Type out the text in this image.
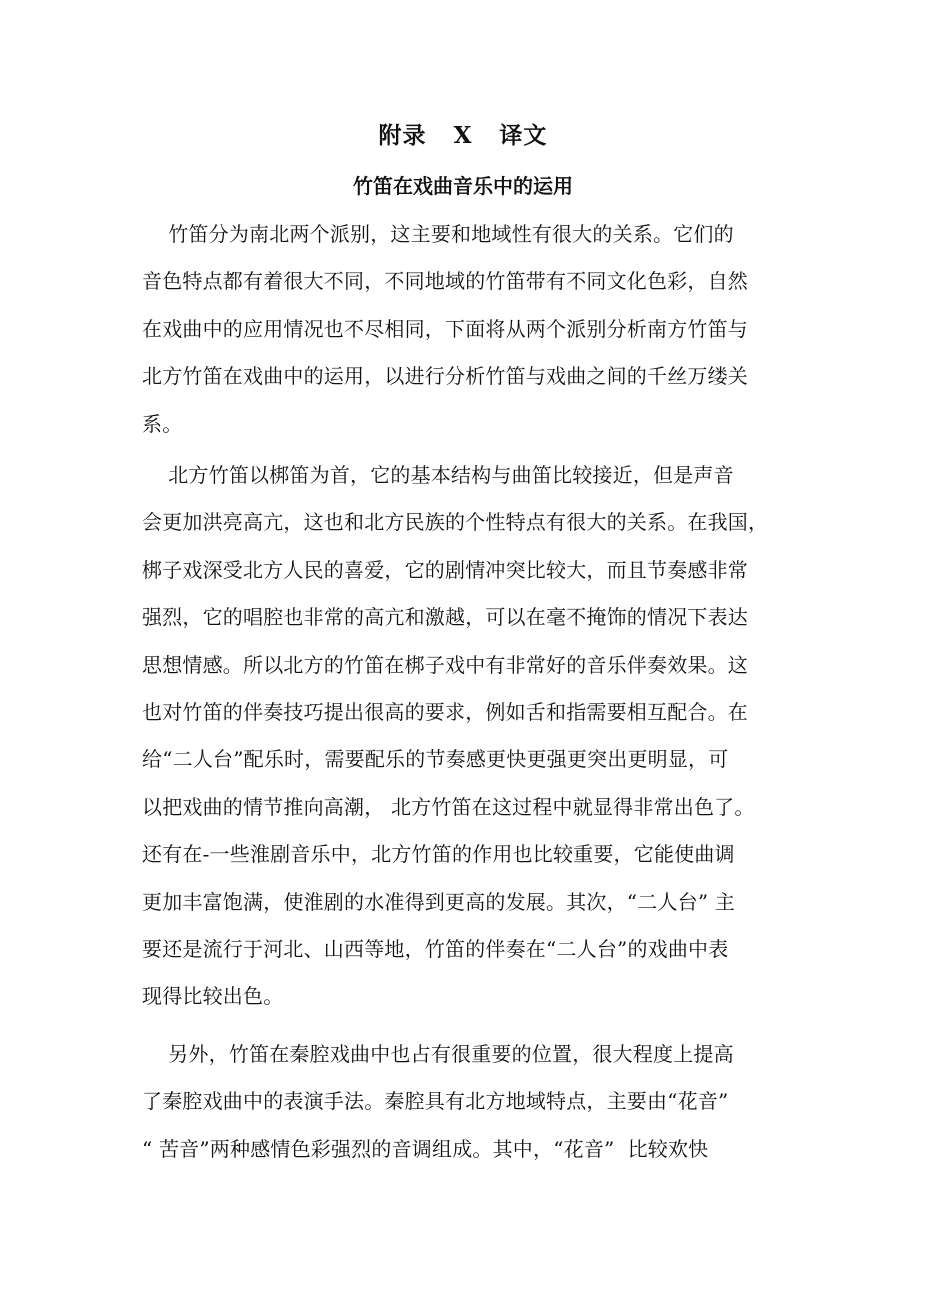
附录   X   译文
竹笛在戏曲音乐中的运用
竹笛分为南北两个派别，这主要和地域性有很大的关系。它们的
音色特点都有着很大不同，不同地域的竹笛带有不同文化色彩，自然
在戏曲中的应用情况也不尽相同，下面将从两个派别分析南方竹笛与
北方竹笛在戏曲中的运用，以进行分析竹笛与戏曲之间的千丝万缕关
系。
北方竹笛以梆笛为首，它的基本结构与曲笛比较接近，但是声音
会更加洪亮高亢，这也和北方民族的个性特点有很大的关系。在我国，
梆子戏深受北方人民的喜爱，它的剧情冲突比较大，而且节奏感非常
强烈，它的唱腔也非常的高亢和激越，可以在毫不掩饰的情况下表达
思想情感。所以北方的竹笛在梆子戏中有非常好的音乐伴奏效果。这
也对竹笛的伴奏技巧提出很高的要求，例如舌和指需要相互配合。在
给“二人台”配乐时，需要配乐的节奏感更快更强更突出更明显，可
以把戏曲的情节推向高潮， 北方竹笛在这过程中就显得非常出色了。
还有在-一些淮剧音乐中，北方竹笛的作用也比较重要，它能使曲调
更加丰富饱满，使淮剧的水准得到更高的发展。其次，“二人台” 主
要还是流行于河北、山西等地，竹笛的伴奏在“二人台”的戏曲中表
现得比较出色。
另外，竹笛在秦腔戏曲中也占有很重要的位置，很大程度上提高
了秦腔戏曲中的表演手法。秦腔具有北方地域特点，主要由“花音”
“ 苦音”两种感情色彩强烈的音调组成。其中，“花音”  比较欢快
